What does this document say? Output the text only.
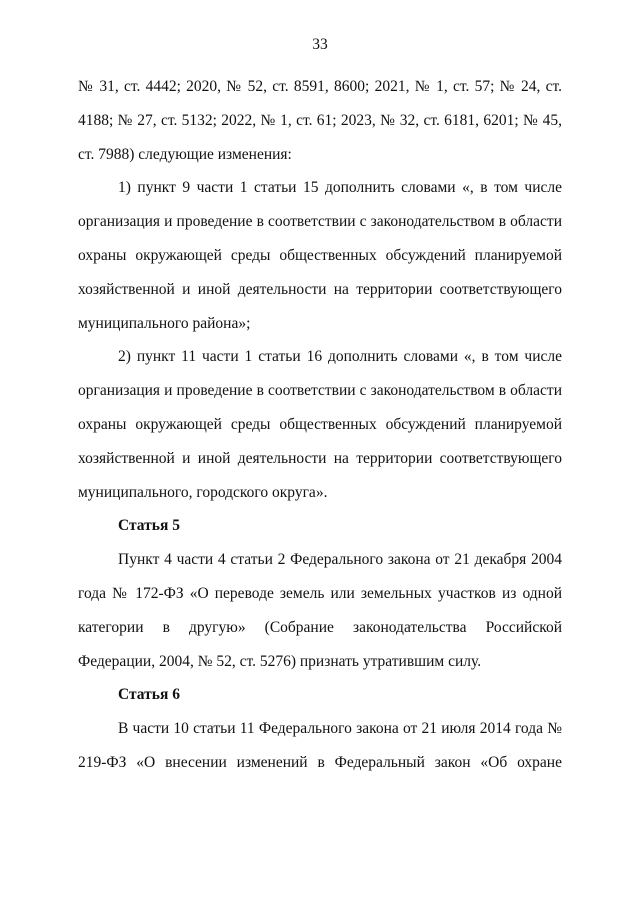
33

№ 31, ст. 4442; 2020, № 52, ст. 8591, 8600; 2021, № 1, ст. 57; № 24, ст. 4188; № 27, ст. 5132; 2022, № 1, ст. 61; 2023, № 32, ст. 6181, 6201; № 45, ст. 7988) следующие изменения:

1) пункт 9 части 1 статьи 15 дополнить словами «, в том числе организация и проведение в соответствии с законодательством в области охраны окружающей среды общественных обсуждений планируемой хозяйственной и иной деятельности на территории соответствующего муниципального района»;

2) пункт 11 части 1 статьи 16 дополнить словами «, в том числе организация и проведение в соответствии с законодательством в области охраны окружающей среды общественных обсуждений планируемой хозяйственной и иной деятельности на территории соответствующего муниципального, городского округа».

Статья 5

Пункт 4 части 4 статьи 2 Федерального закона от 21 декабря 2004 года № 172-ФЗ «О переводе земель или земельных участков из одной категории в другую» (Собрание законодательства Российской Федерации, 2004, № 52, ст. 5276) признать утратившим силу.

Статья 6

В части 10 статьи 11 Федерального закона от 21 июля 2014 года № 219-ФЗ «О внесении изменений в Федеральный закон «Об охране
